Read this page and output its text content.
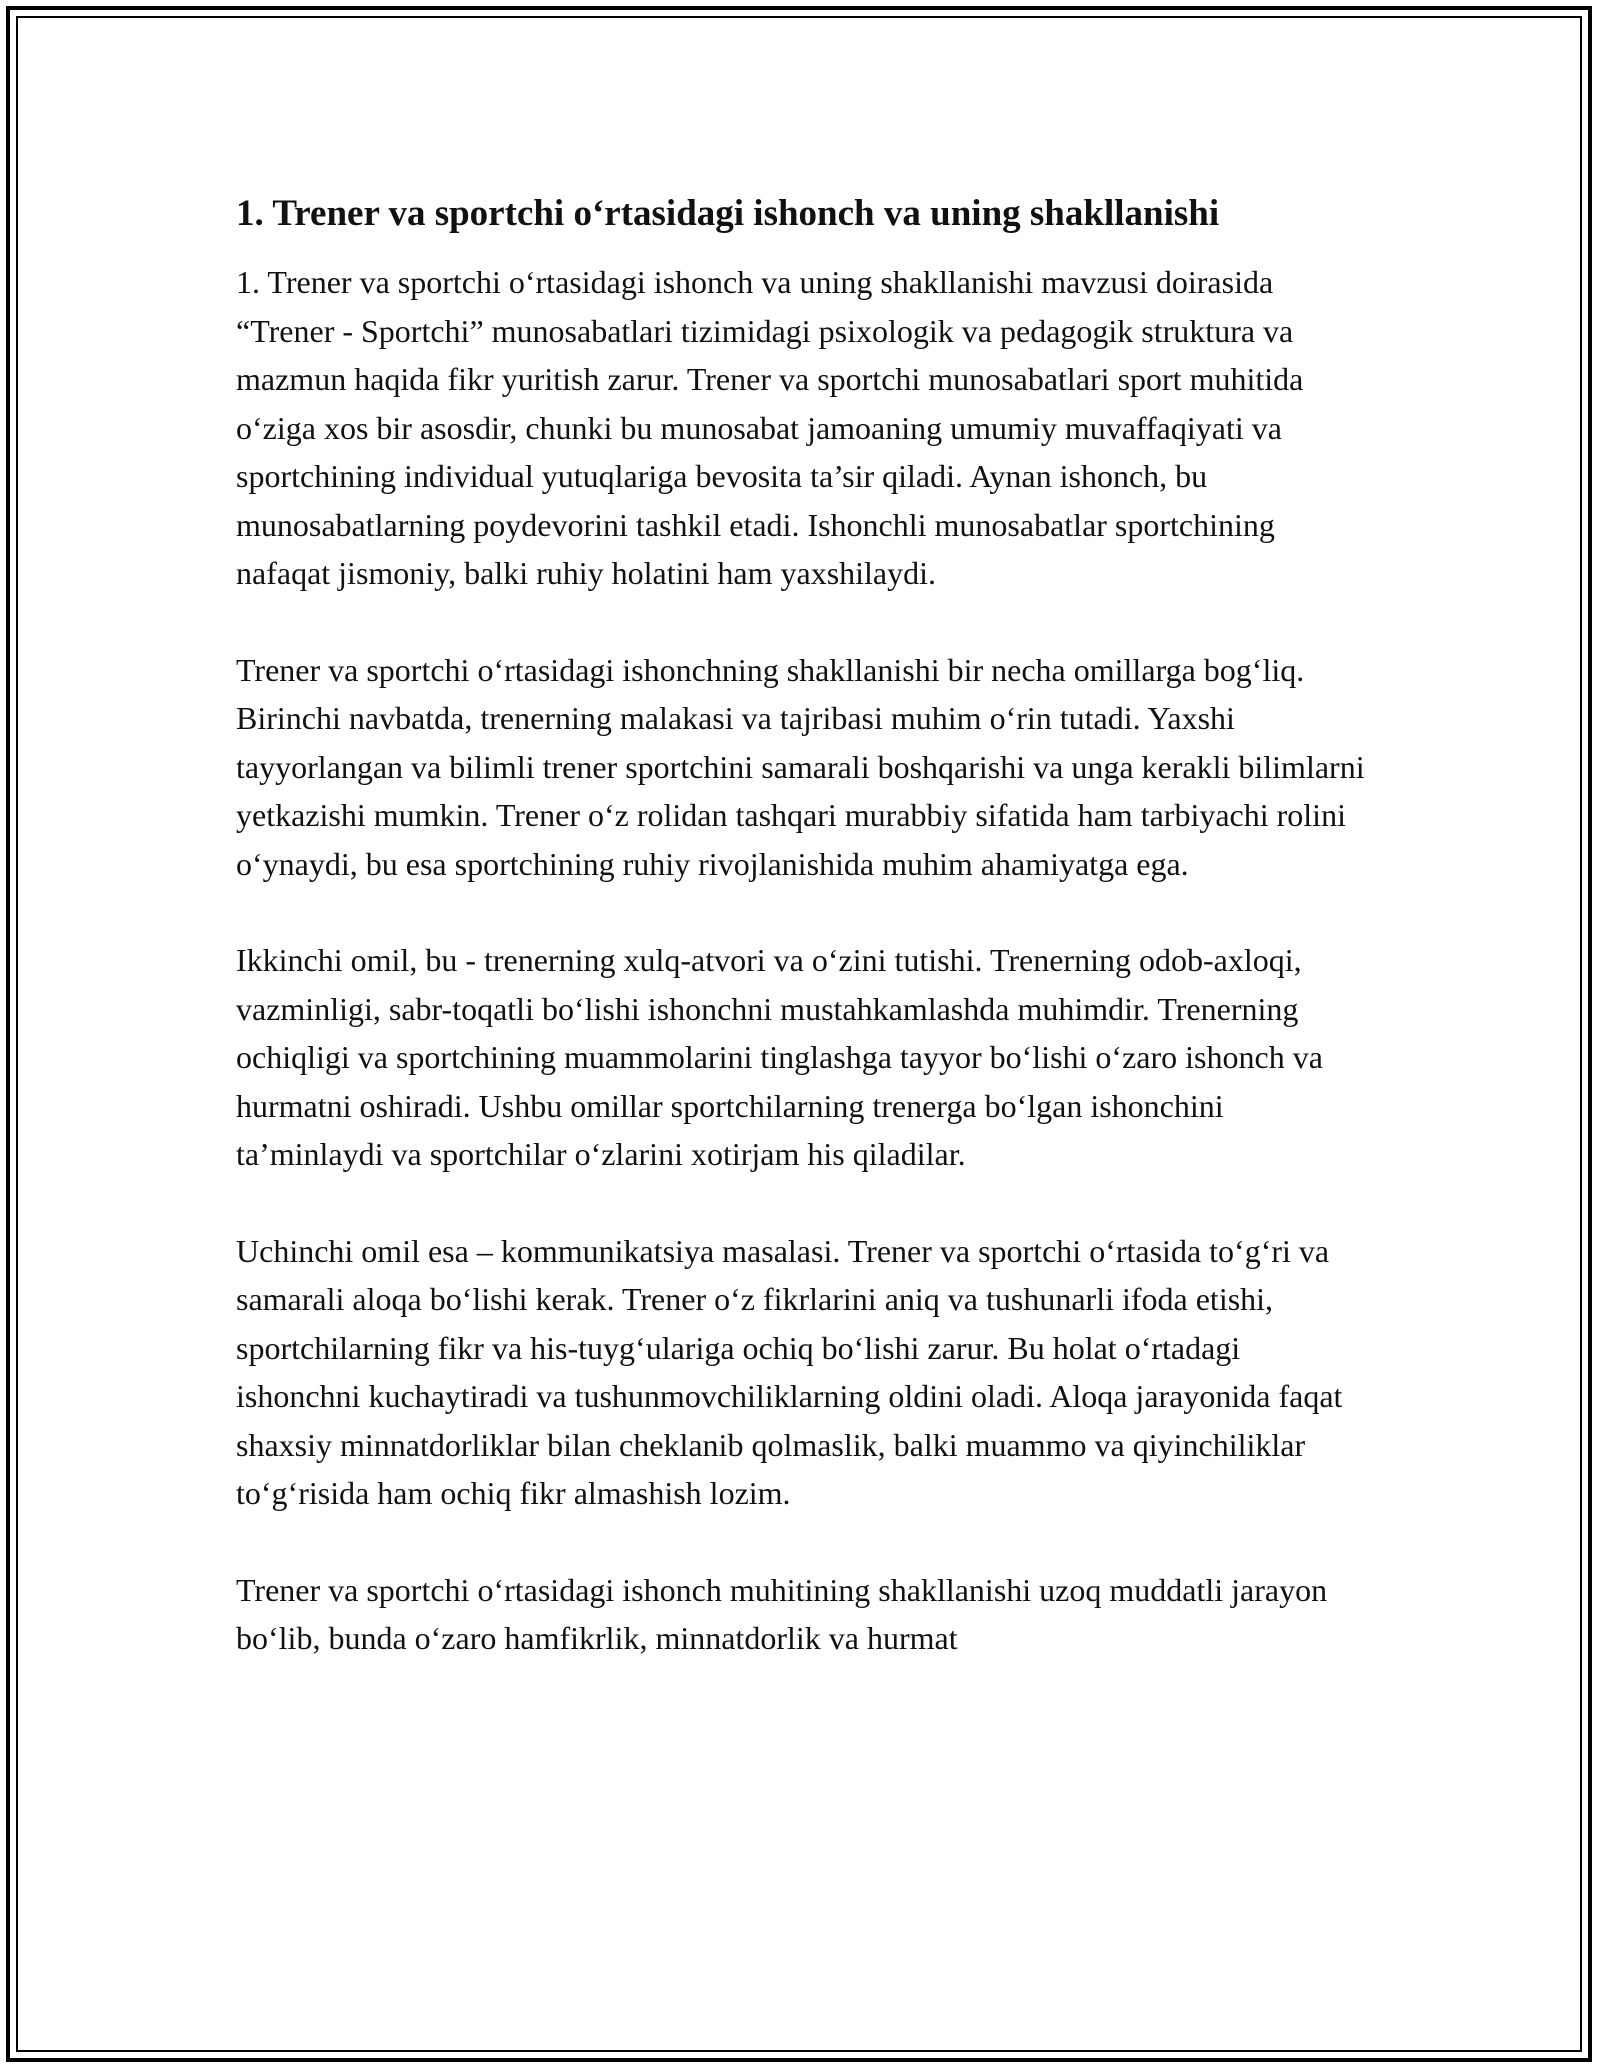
1. Trener va sportchi o‘rtasidagi ishonch va uning shakllanishi

1. Trener va sportchi o‘rtasidagi ishonch va uning shakllanishi mavzusi doirasida “Trener - Sportchi” munosabatlari tizimidagi psixologik va pedagogik struktura va mazmun haqida fikr yuritish zarur. Trener va sportchi munosabatlari sport muhitida o‘ziga xos bir asosdir, chunki bu munosabat jamoaning umumiy muvaffaqiyati va sportchining individual yutuqlariga bevosita ta’sir qiladi. Aynan ishonch, bu munosabatlarning poydevorini tashkil etadi. Ishonchli munosabatlar sportchining nafaqat jismoniy, balki ruhiy holatini ham yaxshilaydi.

Trener va sportchi o‘rtasidagi ishonchning shakllanishi bir necha omillarga bog‘liq. Birinchi navbatda, trenerning malakasi va tajribasi muhim o‘rin tutadi. Yaxshi tayyorlangan va bilimli trener sportchini samarali boshqarishi va unga kerakli bilimlarni yetkazishi mumkin. Trener o‘z rolidan tashqari murabbiy sifatida ham tarbiyachi rolini o‘ynaydi, bu esa sportchining ruhiy rivojlanishida muhim ahamiyatga ega.

Ikkinchi omil, bu - trenerning xulq-atvori va o‘zini tutishi. Trenerning odob-axloqi, vazminligi, sabr-toqatli bo‘lishi ishonchni mustahkamlashda muhimdir. Trenerning ochiqligi va sportchining muammolarini tinglashga tayyor bo‘lishi o‘zaro ishonch va hurmatni oshiradi. Ushbu omillar sportchilarning trenerga bo‘lgan ishonchini ta’minlaydi va sportchilar o‘zlarini xotirjam his qiladilar.

Uchinchi omil esa – kommunikatsiya masalasi. Trener va sportchi o‘rtasida to‘g‘ri va samarali aloqa bo‘lishi kerak. Trener o‘z fikrlarini aniq va tushunarli ifoda etishi, sportchilarning fikr va his-tuyg‘ulariga ochiq bo‘lishi zarur. Bu holat o‘rtadagi ishonchni kuchaytiradi va tushunmovchiliklarning oldini oladi. Aloqa jarayonida faqat shaxsiy minnatdorliklar bilan cheklanib qolmaslik, balki muammo va qiyinchiliklar to‘g‘risida ham ochiq fikr almashish lozim.

Trener va sportchi o‘rtasidagi ishonch muhitining shakllanishi uzoq muddatli jarayon bo‘lib, bunda o‘zaro hamfikrlik, minnatdorlik va hurmat
